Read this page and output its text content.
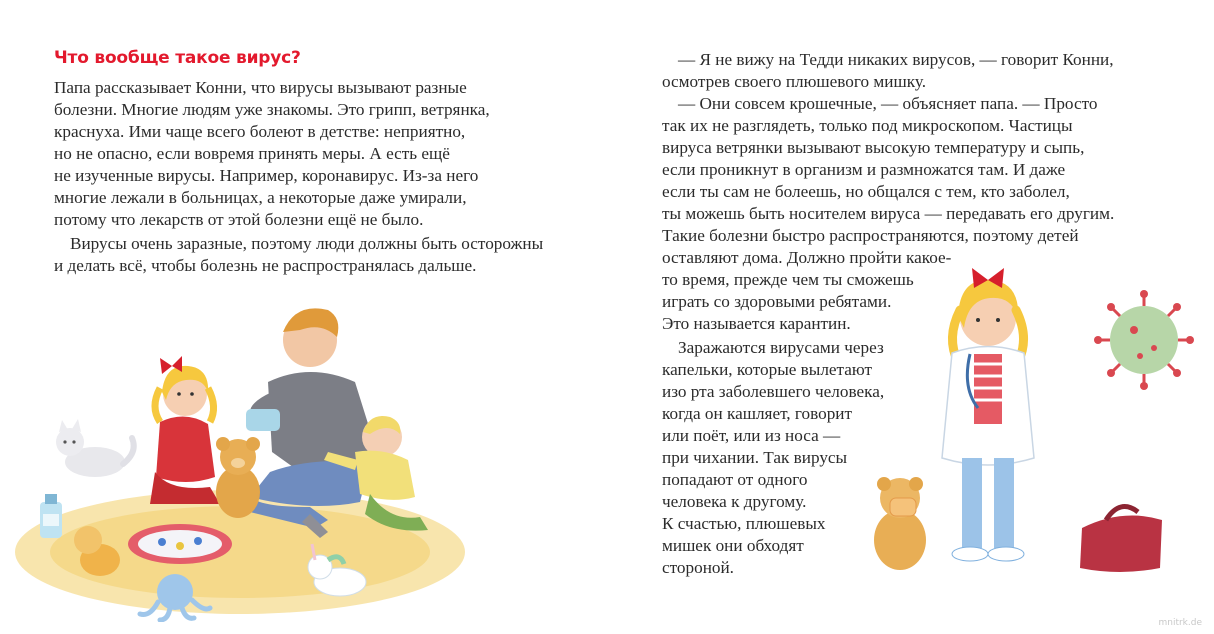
Что вообще такое вирус?
Папа рассказывает Конни, что вирусы вызывают разные
болезни. Многие людям уже знакомы. Это грипп, ветрянка,
краснуха. Ими чаще всего болеют в детстве: неприятно,
но не опасно, если вовремя принять меры. А есть ещё
не изученные вирусы. Например, коронавирус. Из-за него
многие лежали в больницах, а некоторые даже умирали,
потому что лекарств от этой болезни ещё не было.
Вирусы очень заразные, поэтому люди должны быть осторожны
и делать всё, чтобы болезнь не распространялась дальше.
— Я не вижу на Тедди никаких вирусов, — говорит Конни,
осмотрев своего плюшевого мишку.
— Они совсем крошечные, — объясняет папа. — Просто
так их не разглядеть, только под микроскопом. Частицы
вируса ветрянки вызывают высокую температуру и сыпь,
если проникнут в организм и размножатся там. И даже
если ты сам не болеешь, но общался с тем, кто заболел,
ты можешь быть носителем вируса — передавать его другим.
Такие болезни быстро распространяются, поэтому детей
оставляют дома. Должно пройти какое-
то время, прежде чем ты сможешь
играть со здоровыми ребятами.
Это называется карантин.
Заражаются вирусами через
капельки, которые вылетают
изо рта заболевшего человека,
когда он кашляет, говорит
или поёт, или из носа —
при чихании. Так вирусы
попадают от одного
человека к другому.
К счастью, плюшевых
мишек они обходят
стороной.
mnitrk.de
